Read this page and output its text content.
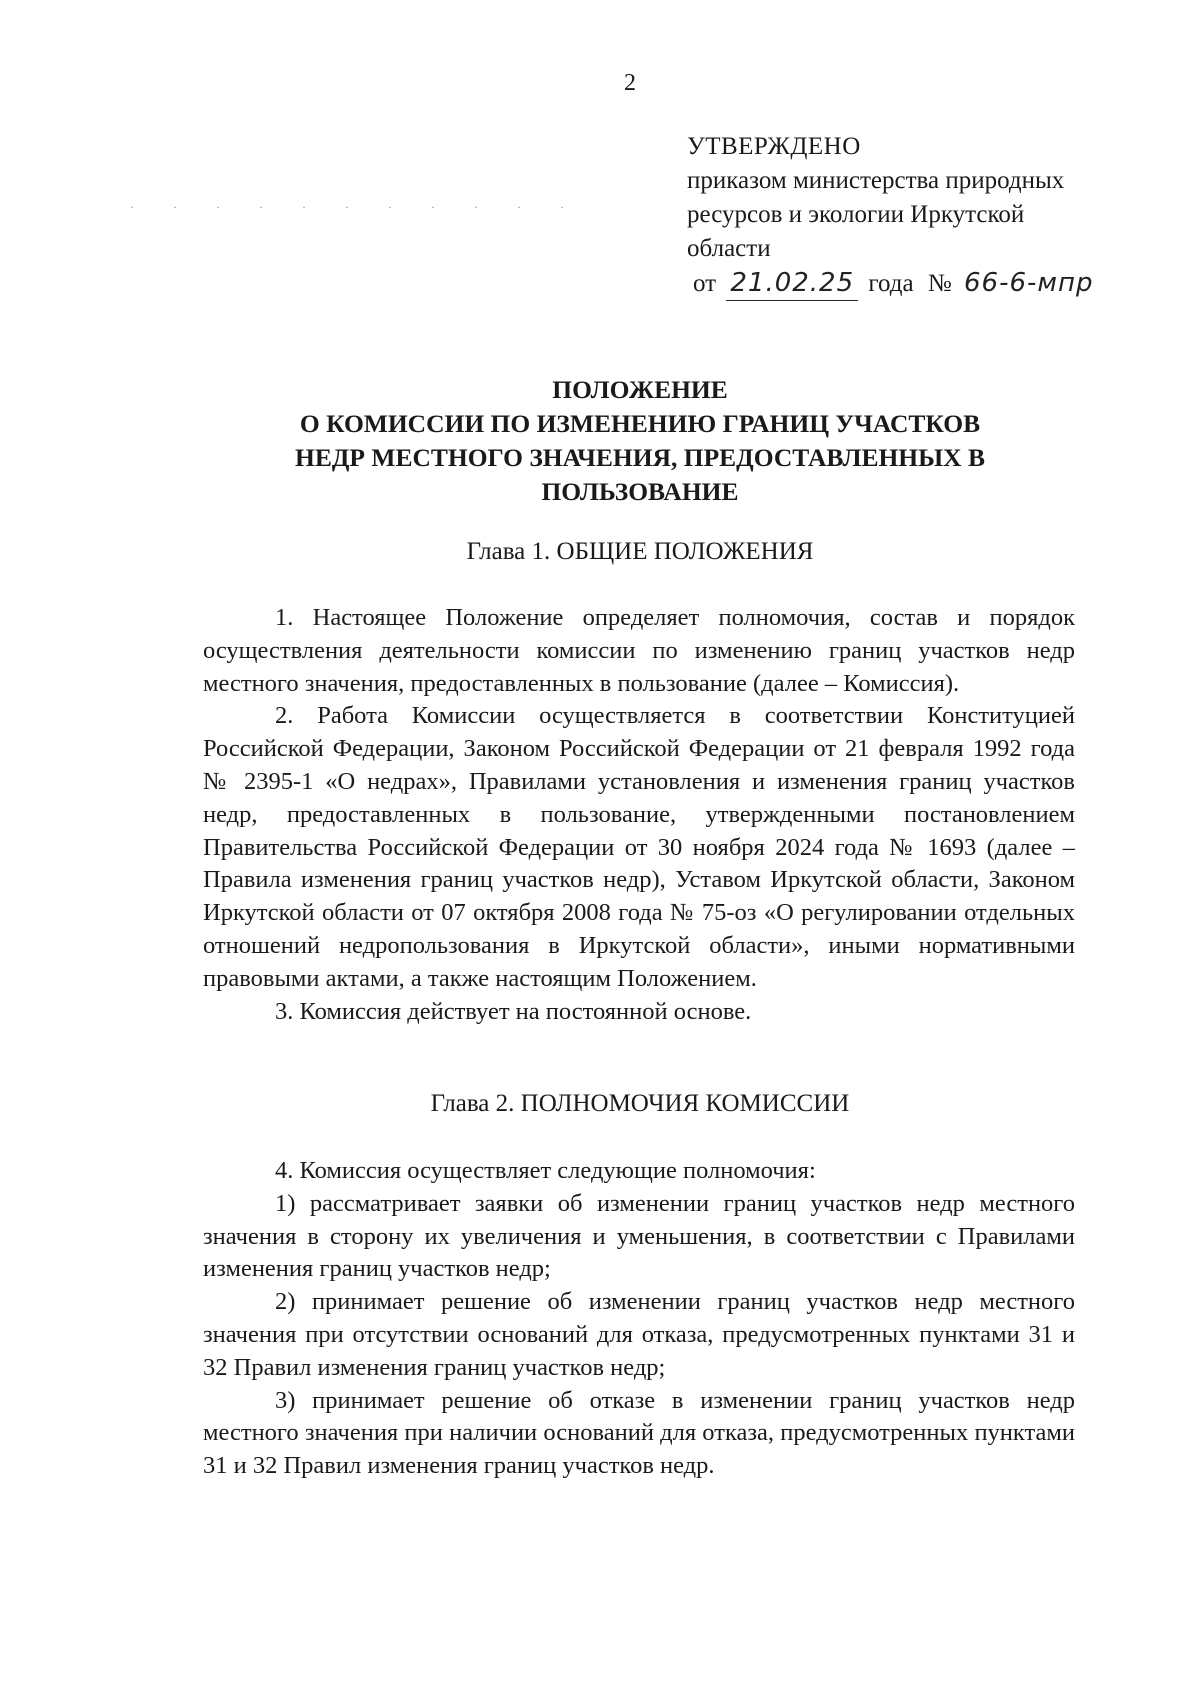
· · · · · · · · · · ·
2
УТВЕРЖДЕНО
приказом министерства природных
ресурсов и экологии Иркутской
области
от 21.02.25 года № 66-6-мпр
ПОЛОЖЕНИЕ
О КОМИССИИ ПО ИЗМЕНЕНИЮ ГРАНИЦ УЧАСТКОВ
НЕДР МЕСТНОГО ЗНАЧЕНИЯ, ПРЕДОСТАВЛЕННЫХ В
ПОЛЬЗОВАНИЕ
Глава 1. ОБЩИЕ ПОЛОЖЕНИЯ

1. Настоящее Положение определяет полномочия, состав и порядок осуществления деятельности комиссии по изменению границ участков недр местного значения, предоставленных в пользование (далее – Комиссия).

2. Работа Комиссии осуществляется в соответствии Конституцией Российской Федерации, Законом Российской Федерации от 21 февраля 1992 года № 2395-1 «О недрах», Правилами установления и изменения границ участков недр, предоставленных в пользование, утвержденными постановлением Правительства Российской Федерации от 30 ноября 2024 года № 1693 (далее – Правила изменения границ участков недр), Уставом Иркутской области, Законом Иркутской области от 07 октября 2008 года № 75-оз «О регулировании отдельных отношений недропользования в Иркутской области», иными нормативными правовыми актами, а также настоящим Положением.

3. Комиссия действует на постоянной основе.

Глава 2. ПОЛНОМОЧИЯ КОМИССИИ

4. Комиссия осуществляет следующие полномочия:

1) рассматривает заявки об изменении границ участков недр местного значения в сторону их увеличения и уменьшения, в соответствии с Правилами изменения границ участков недр;

2) принимает решение об изменении границ участков недр местного значения при отсутствии оснований для отказа, предусмотренных пунктами 31 и 32 Правил изменения границ участков недр;

3) принимает решение об отказе в изменении границ участков недр местного значения при наличии оснований для отказа, предусмотренных пунктами 31 и 32 Правил изменения границ участков недр.
